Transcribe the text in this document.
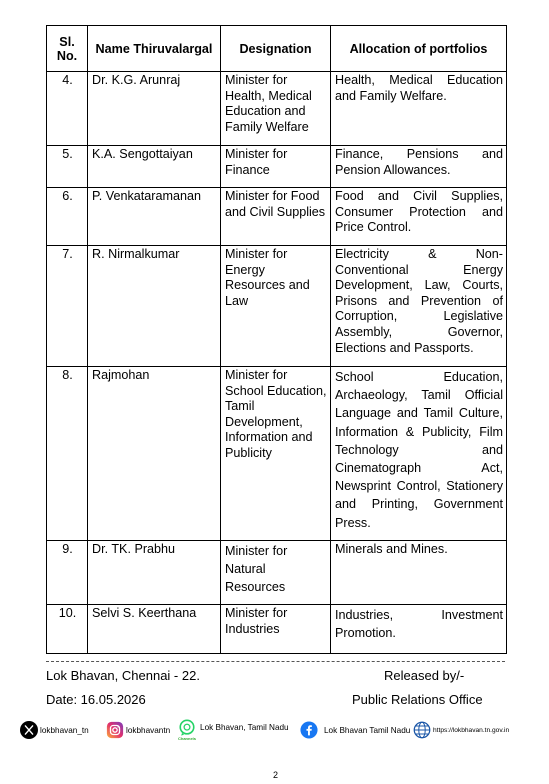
Sl. No.	Name Thiruvalargal	Designation	Allocation of portfolios
4.	Dr. K.G. Arunraj	Minister for Health, Medical Education and Family Welfare	Health, Medical Education and Family Welfare.
5.	K.A. Sengottaiyan	Minister for Finance	Finance, Pensions and Pension Allowances.
6.	P. Venkataramanan	Minister for Food and Civil Supplies	Food and Civil Supplies, Consumer Protection and Price Control.
7.	R. Nirmalkumar	Minister for Energy Resources and Law	Electricity & Non-Conventional Energy Development, Law, Courts, Prisons and Prevention of Corruption, Legislative Assembly, Governor, Elections and Passports.
8.	Rajmohan	Minister for School Education, Tamil Development, Information and Publicity	School Education, Archaeology, Tamil Official Language and Tamil Culture, Information & Publicity, Film Technology and Cinematograph Act, Newsprint Control, Stationery and Printing, Government Press.
9.	Dr. TK. Prabhu	Minister for Natural Resources	Minerals and Mines.
10.	Selvi S. Keerthana	Minister for Industries	Industries, Investment Promotion.
Lok Bhavan, Chennai - 22.	Released by/-
Date: 16.05.2026	Public Relations Office
lokbhavan_tn	lokbhavantn
Channels
Lok Bhavan, Tamil Nadu	Lok Bhavan Tamil Nadu	https://lokbhavan.tn.gov.in
2
